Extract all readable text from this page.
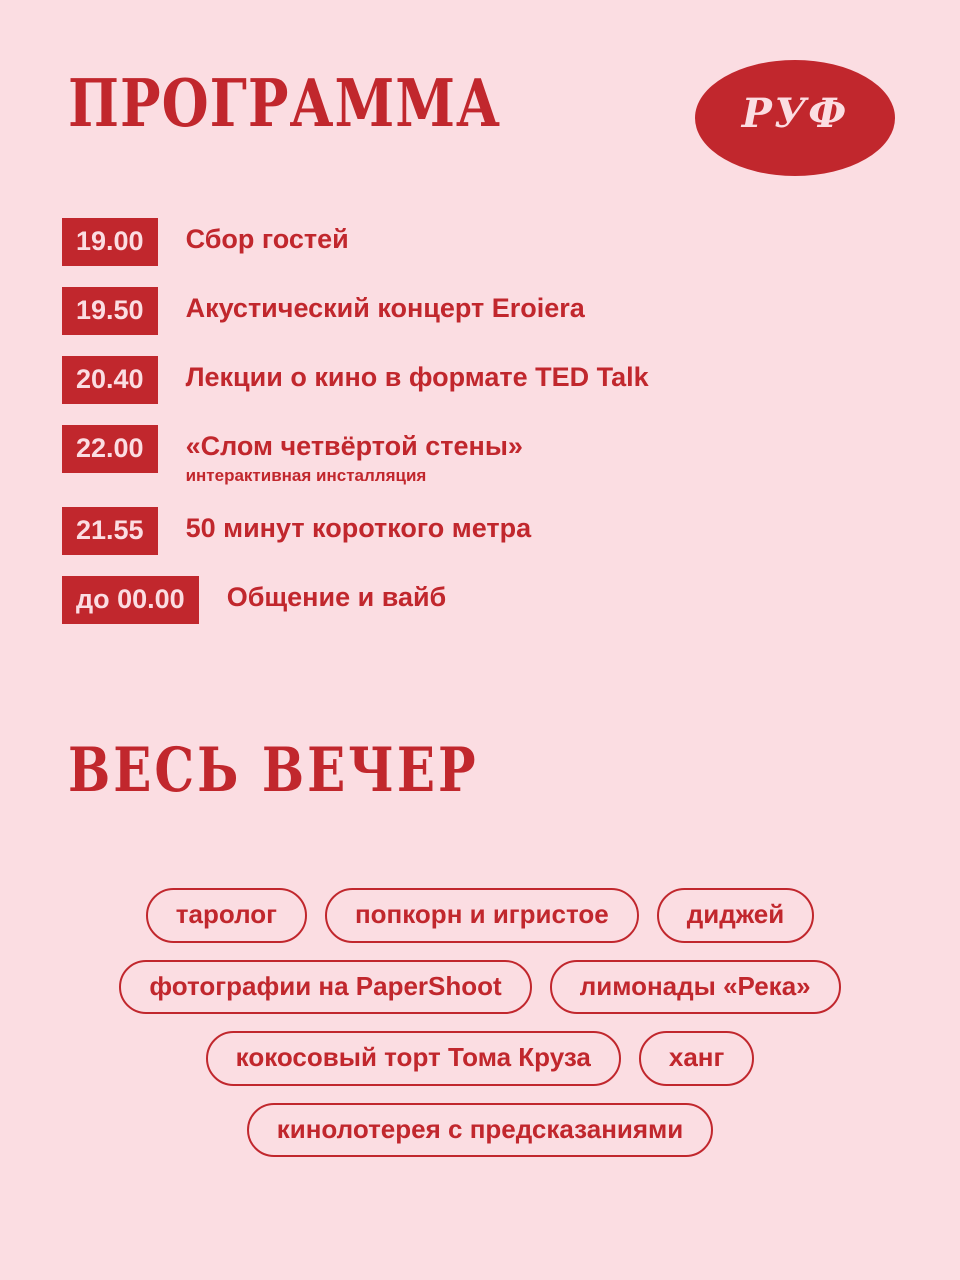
ПРОГРАММА	РУФ
19.00	Сбор гостей
19.50	Акустический концерт Eroiera
20.40	Лекции о кино в формате TED Talk
22.00	«Слом четвёртой стены»
интерактивная инсталляция
21.55	50 минут короткого метра
до 00.00	Общение и вайб
ВЕСЬ ВЕЧЕР
таролог	попкорн и игристое	диджей
фотографии на PaperShoot	лимонады «Река»
кокосовый торт Тома Круза	ханг
кинолотерея с предсказаниями
